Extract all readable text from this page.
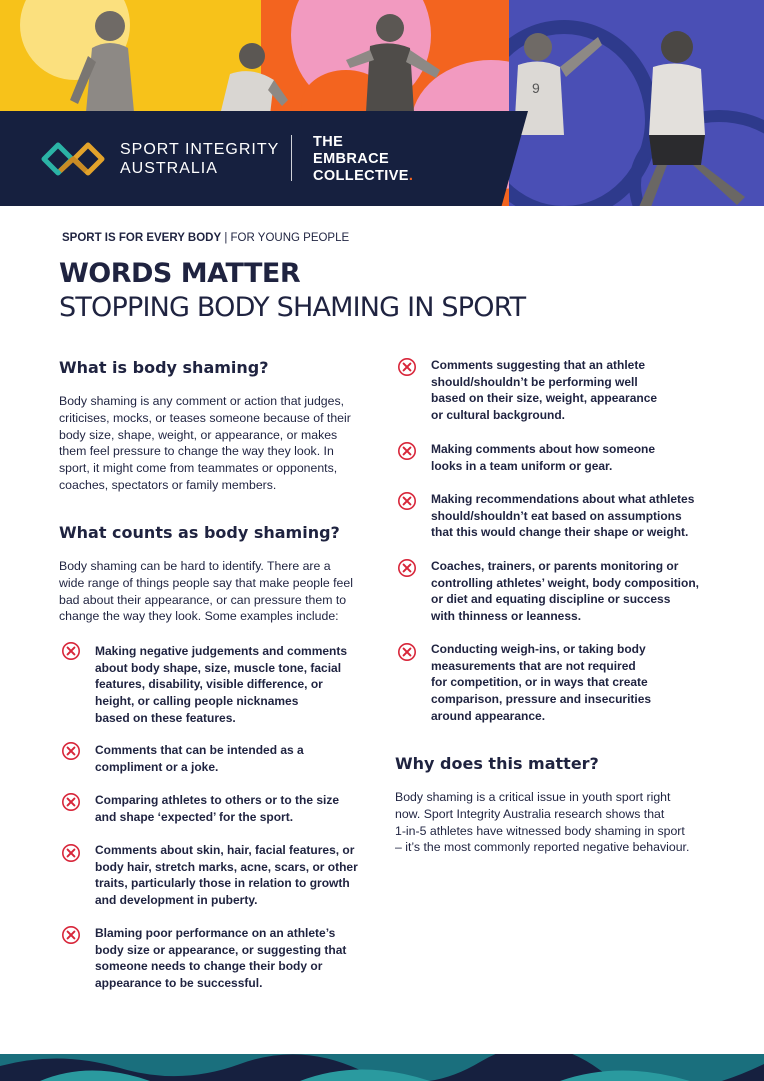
9
SPORT INTEGRITY
AUSTRALIA
THE
EMBRACE
COLLECTIVE.
SPORT IS FOR EVERY BODY | FOR YOUNG PEOPLE
WORDS MATTER
STOPPING BODY SHAMING IN SPORT
What is body shaming?
Body shaming is any comment or action that judges,
criticises, mocks, or teases someone because of their
body size, shape, weight, or appearance, or makes
them feel pressure to change the way they look. In
sport, it might come from teammates or opponents,
coaches, spectators or family members.
What counts as body shaming?
Body shaming can be hard to identify. There are a
wide range of things people say that make people feel
bad about their appearance, or can pressure them to
change the way they look. Some examples include:
Making negative judgements and comments
about body shape, size, muscle tone, facial
features, disability, visible difference, or
height, or calling people nicknames
based on these features.
Comments that can be intended as a
compliment or a joke.
Comparing athletes to others or to the size
and shape ‘expected’ for the sport.
Comments about skin, hair, facial features, or
body hair, stretch marks, acne, scars, or other
traits, particularly those in relation to growth
and development in puberty.
Blaming poor performance on an athlete’s
body size or appearance, or suggesting that
someone needs to change their body or
appearance to be successful.
Comments suggesting that an athlete
should/shouldn’t be performing well
based on their size, weight, appearance
or cultural background.
Making comments about how someone
looks in a team uniform or gear.
Making recommendations about what athletes
should/shouldn’t eat based on assumptions
that this would change their shape or weight.
Coaches, trainers, or parents monitoring or
controlling athletes’ weight, body composition,
or diet and equating discipline or success
with thinness or leanness.
Conducting weigh-ins, or taking body
measurements that are not required
for competition, or in ways that create
comparison, pressure and insecurities
around appearance.
Why does this matter?
Body shaming is a critical issue in youth sport right
now. Sport Integrity Australia research shows that
1-in-5 athletes have witnessed body shaming in sport
– it’s the most commonly reported negative behaviour.
